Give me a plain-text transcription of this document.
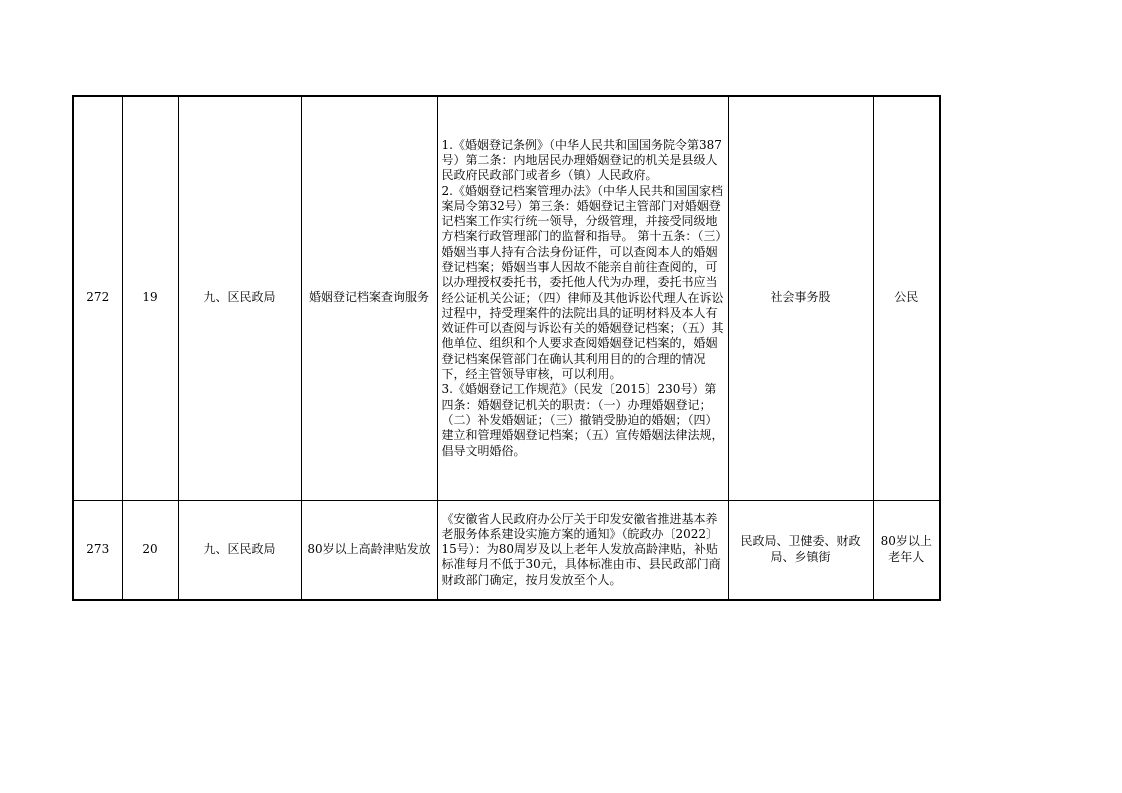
272	19	九、区民政局	婚姻登记档案查询服务	1.《婚姻登记条例》（中华人民共和国国务院令第387号）第二条：内地居民办理婚姻登记的机关是县级人民政府民政部门或者乡（镇）人民政府。
2.《婚姻登记档案管理办法》（中华人民共和国国家档案局令第32号）第三条：婚姻登记主管部门对婚姻登记档案工作实行统一领导，分级管理，并接受同级地方档案行政管理部门的监督和指导。 第十五条：（三）婚姻当事人持有合法身份证件，可以查阅本人的婚姻登记档案；婚姻当事人因故不能亲自前往查阅的，可以办理授权委托书，委托他人代为办理，委托书应当经公证机关公证；（四）律师及其他诉讼代理人在诉讼过程中，持受理案件的法院出具的证明材料及本人有效证件可以查阅与诉讼有关的婚姻登记档案；（五）其他单位、组织和个人要求查阅婚姻登记档案的，婚姻登记档案保管部门在确认其利用目的的合理的情况下，经主管领导审核，可以利用。
3.《婚姻登记工作规范》（民发〔2015〕230号）第四条：婚姻登记机关的职责：（一）办理婚姻登记；（二）补发婚姻证；（三）撤销受胁迫的婚姻；（四）建立和管理婚姻登记档案；（五）宣传婚姻法律法规，倡导文明婚俗。	社会事务股	公民
273	20	九、区民政局	80岁以上高龄津贴发放	《安徽省人民政府办公厅关于印发安徽省推进基本养老服务体系建设实施方案的通知》（皖政办〔2022〕15号）：为80周岁及以上老年人发放高龄津贴，补贴标准每月不低于30元，具体标准由市、县民政部门商财政部门确定，按月发放至个人。	民政局、卫健委、财政局、乡镇街	80岁以上老年人
